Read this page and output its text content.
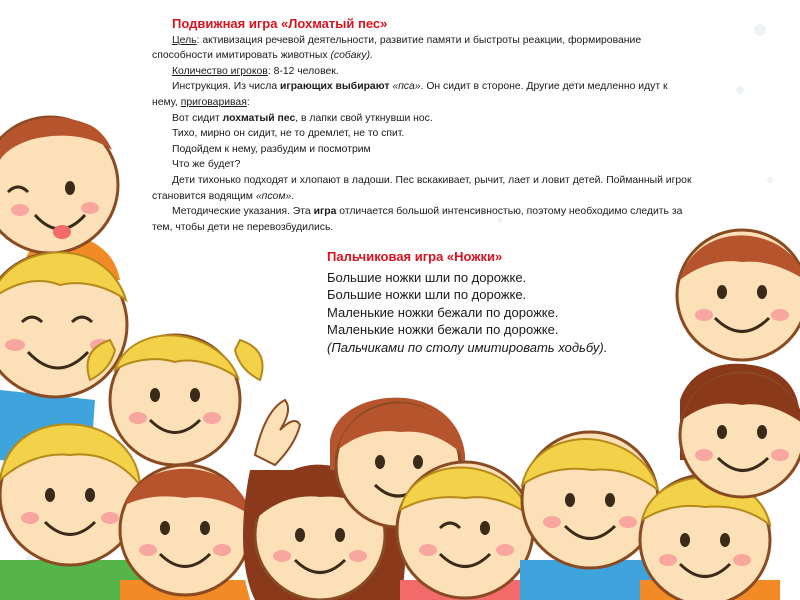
Подвижная игра «Лохматый пес»
Цель: активизация речевой деятельности, развитие памяти и быстроты реакции, формирование способности имитировать животных (собаку).
Количество игроков: 8-12 человек.
Инструкция. Из числа играющих выбирают «пса». Он сидит в стороне. Другие дети медленно идут к нему, приговаривая:
Вот сидит лохматый пес, в лапки свой уткнувши нос.
Тихо, мирно он сидит, не то дремлет, не то спит.
Подойдем к нему, разбудим и посмотрим
Что же будет?
Дети тихонько подходят и хлопают в ладоши. Пес вскакивает, рычит, лает и ловит детей. Пойманный игрок становится водящим «псом».
Методические указания. Эта игра отличается большой интенсивностью, поэтому необходимо следить за тем, чтобы дети не перевозбудились.
Пальчиковая игра «Ножки»
Большие ножки шли по дорожке.
Большие ножки шли по дорожке.
Маленькие ножки бежали по дорожке.
Маленькие ножки бежали по дорожке.
(Пальчиками по столу имитировать ходьбу).
